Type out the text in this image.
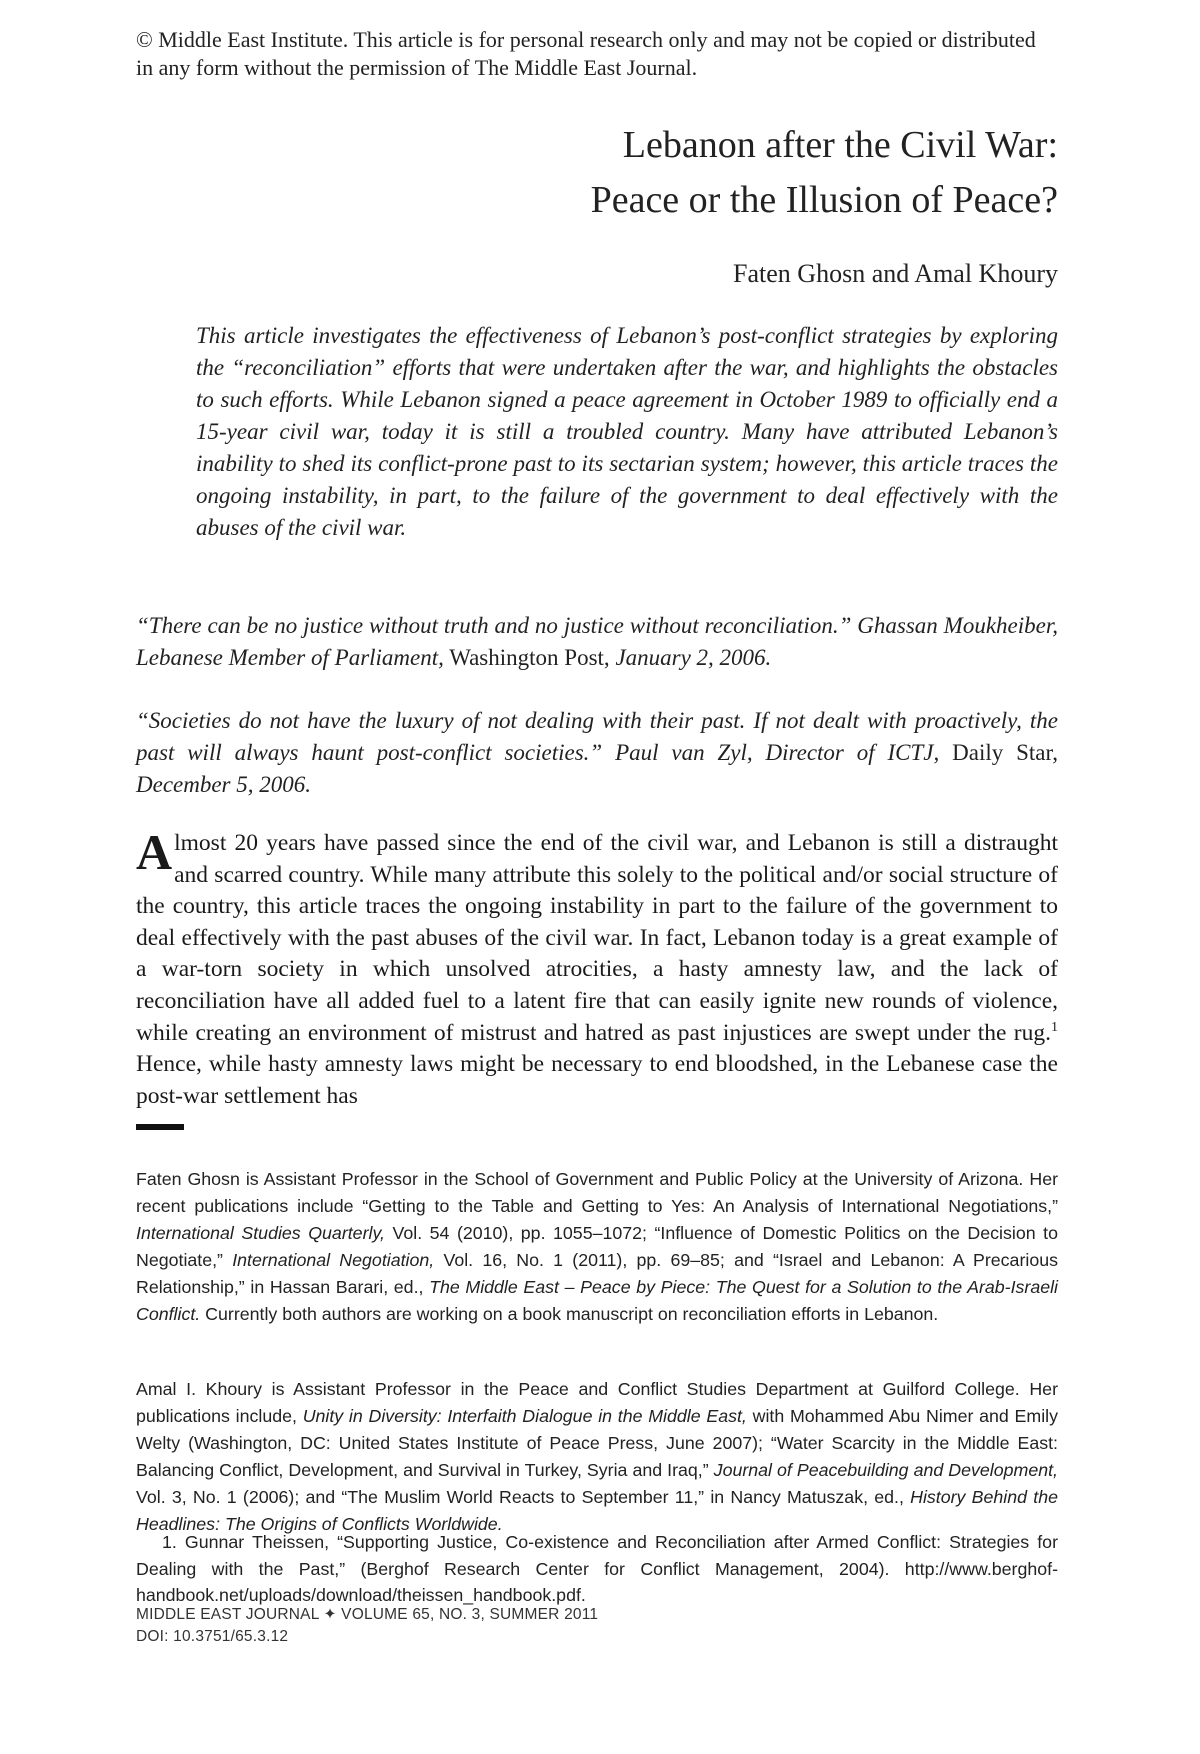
© Middle East Institute. This article is for personal research only and may not be copied or distributed in any form without the permission of The Middle East Journal.
Lebanon after the Civil War:
Peace or the Illusion of Peace?
Faten Ghosn and Amal Khoury
This article investigates the effectiveness of Lebanon’s post-conflict strategies by exploring the “reconciliation” efforts that were undertaken after the war, and highlights the obstacles to such efforts. While Lebanon signed a peace agreement in October 1989 to officially end a 15-year civil war, today it is still a troubled country. Many have attributed Lebanon’s inability to shed its conflict-prone past to its sectarian system; however, this article traces the ongoing instability, in part, to the failure of the government to deal effectively with the abuses of the civil war.
“There can be no justice without truth and no justice without reconciliation.” Ghassan Moukheiber, Lebanese Member of Parliament, Washington Post, January 2, 2006.
“Societies do not have the luxury of not dealing with their past. If not dealt with proactively, the past will always haunt post-conflict societies.” Paul van Zyl, Director of ICTJ, Daily Star, December 5, 2006.
Almost 20 years have passed since the end of the civil war, and Lebanon is still a distraught and scarred country. While many attribute this solely to the political and/or social structure of the country, this article traces the ongoing instability in part to the failure of the government to deal effectively with the past abuses of the civil war. In fact, Lebanon today is a great example of a war-torn society in which unsolved atrocities, a hasty amnesty law, and the lack of reconciliation have all added fuel to a latent fire that can easily ignite new rounds of violence, while creating an environment of mistrust and hatred as past injustices are swept under the rug.$^1$ Hence, while hasty amnesty laws might be necessary to end bloodshed, in the Lebanese case the post-war settlement has
Faten Ghosn is Assistant Professor in the School of Government and Public Policy at the University of Arizona. Her recent publications include “Getting to the Table and Getting to Yes: An Analysis of International Negotiations,” International Studies Quarterly, Vol. 54 (2010), pp. 1055–1072; “Influence of Domestic Politics on the Decision to Negotiate,” International Negotiation, Vol. 16, No. 1 (2011), pp. 69–85; and “Israel and Lebanon: A Precarious Relationship,” in Hassan Barari, ed., The Middle East – Peace by Piece: The Quest for a Solution to the Arab-Israeli Conflict. Currently both authors are working on a book manuscript on reconciliation efforts in Lebanon.
Amal I. Khoury is Assistant Professor in the Peace and Conflict Studies Department at Guilford College. Her publications include, Unity in Diversity: Interfaith Dialogue in the Middle East, with Mohammed Abu Nimer and Emily Welty (Washington, DC: United States Institute of Peace Press, June 2007); “Water Scarcity in the Middle East: Balancing Conflict, Development, and Survival in Turkey, Syria and Iraq,” Journal of Peacebuilding and Development, Vol. 3, No. 1 (2006); and “The Muslim World Reacts to September 11,” in Nancy Matuszak, ed., History Behind the Headlines: The Origins of Conflicts Worldwide.
1. Gunnar Theissen, “Supporting Justice, Co-existence and Reconciliation after Armed Conflict: Strategies for Dealing with the Past,” (Berghof Research Center for Conflict Management, 2004). http://www.berghof-handbook.net/uploads/download/theissen_handbook.pdf.
MIDDLE EAST JOURNAL ✦ VOLUME 65, NO. 3, SUMMER 2011
DOI: 10.3751/65.3.12
